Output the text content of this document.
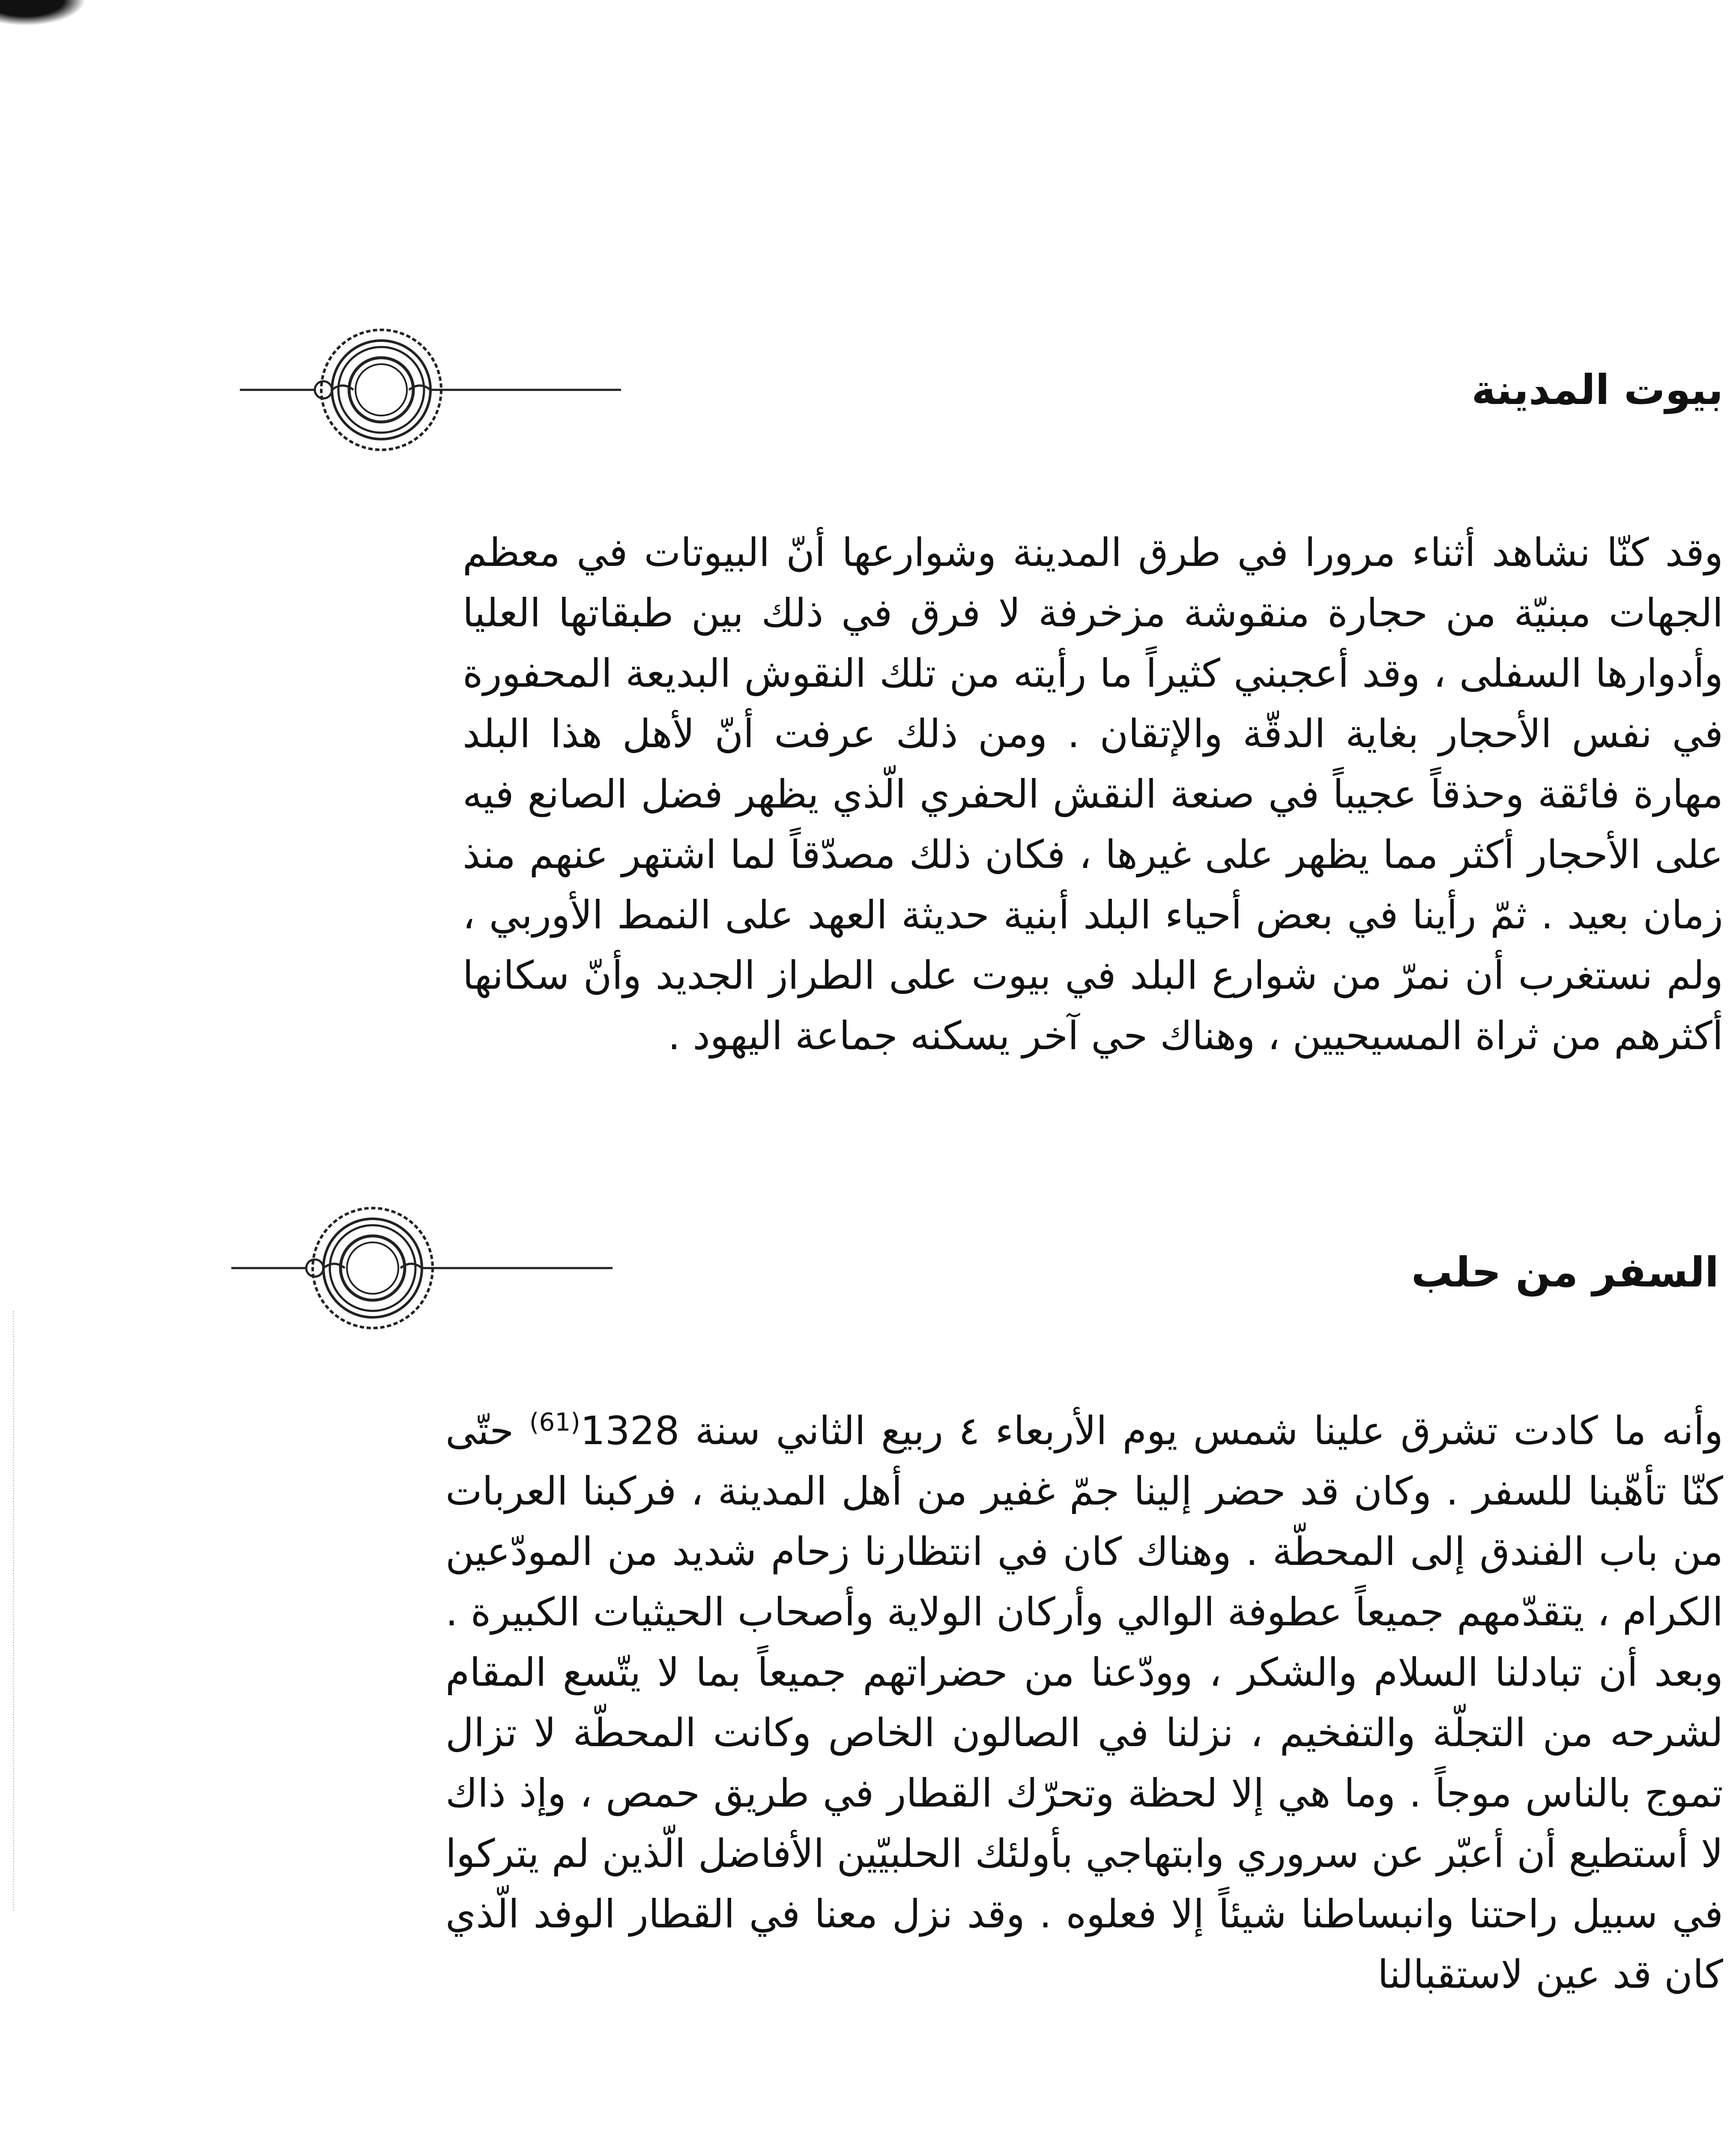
بيوت المدينة
وقد كنّا نشاهد أثناء مرورا في طرق المدينة وشوارعها أنّ البيوتات في معظم الجهات مبنيّة من حجارة منقوشة مزخرفة لا فرق في ذلك بين طبقاتها العليا وأدوارها السفلى ، وقد أعجبني كثيراً ما رأيته من تلك النقوش البديعة المحفورة في نفس الأحجار بغاية الدقّة والإتقان . ومن ذلك عرفت أنّ لأهل هذا البلد مهارة فائقة وحذقاً عجيباً في صنعة النقش الحفري الّذي يظهر فضل الصانع فيه على الأحجار أكثر مما يظهر على غيرها ، فكان ذلك مصدّقاً لما اشتهر عنهم منذ زمان بعيد . ثمّ رأينا في بعض أحياء البلد أبنية حديثة العهد على النمط الأوربي ، ولم نستغرب أن نمرّ من شوارع البلد في بيوت على الطراز الجديد وأنّ سكانها أكثرهم من ثراة المسيحيين ، وهناك حي آخر يسكنه جماعة اليهود .
السفر من حلب
وأنه ما كادت تشرق علينا شمس يوم الأربعاء ٤ ربيع الثاني سنة 1328$^{(61)}$ حتّى كنّا تأهّبنا للسفر . وكان قد حضر إلينا جمّ غفير من أهل المدينة ، فركبنا العربات من باب الفندق إلى المحطّة . وهناك كان في انتظارنا زحام شديد من المودّعين الكرام ، يتقدّمهم جميعاً عطوفة الوالي وأركان الولاية وأصحاب الحيثيات الكبيرة . وبعد أن تبادلنا السلام والشكر ، وودّعنا من حضراتهم جميعاً بما لا يتّسع المقام لشرحه من التجلّة والتفخيم ، نزلنا في الصالون الخاص وكانت المحطّة لا تزال تموج بالناس موجاً . وما هي إلا لحظة وتحرّك القطار في طريق حمص ، وإذ ذاك لا أستطيع أن أعبّر عن سروري وابتهاجي بأولئك الحلبيّين الأفاضل الّذين لم يتركوا في سبيل راحتنا وانبساطنا شيئاً إلا فعلوه . وقد نزل معنا في القطار الوفد الّذي كان قد عين لاستقبالنا
